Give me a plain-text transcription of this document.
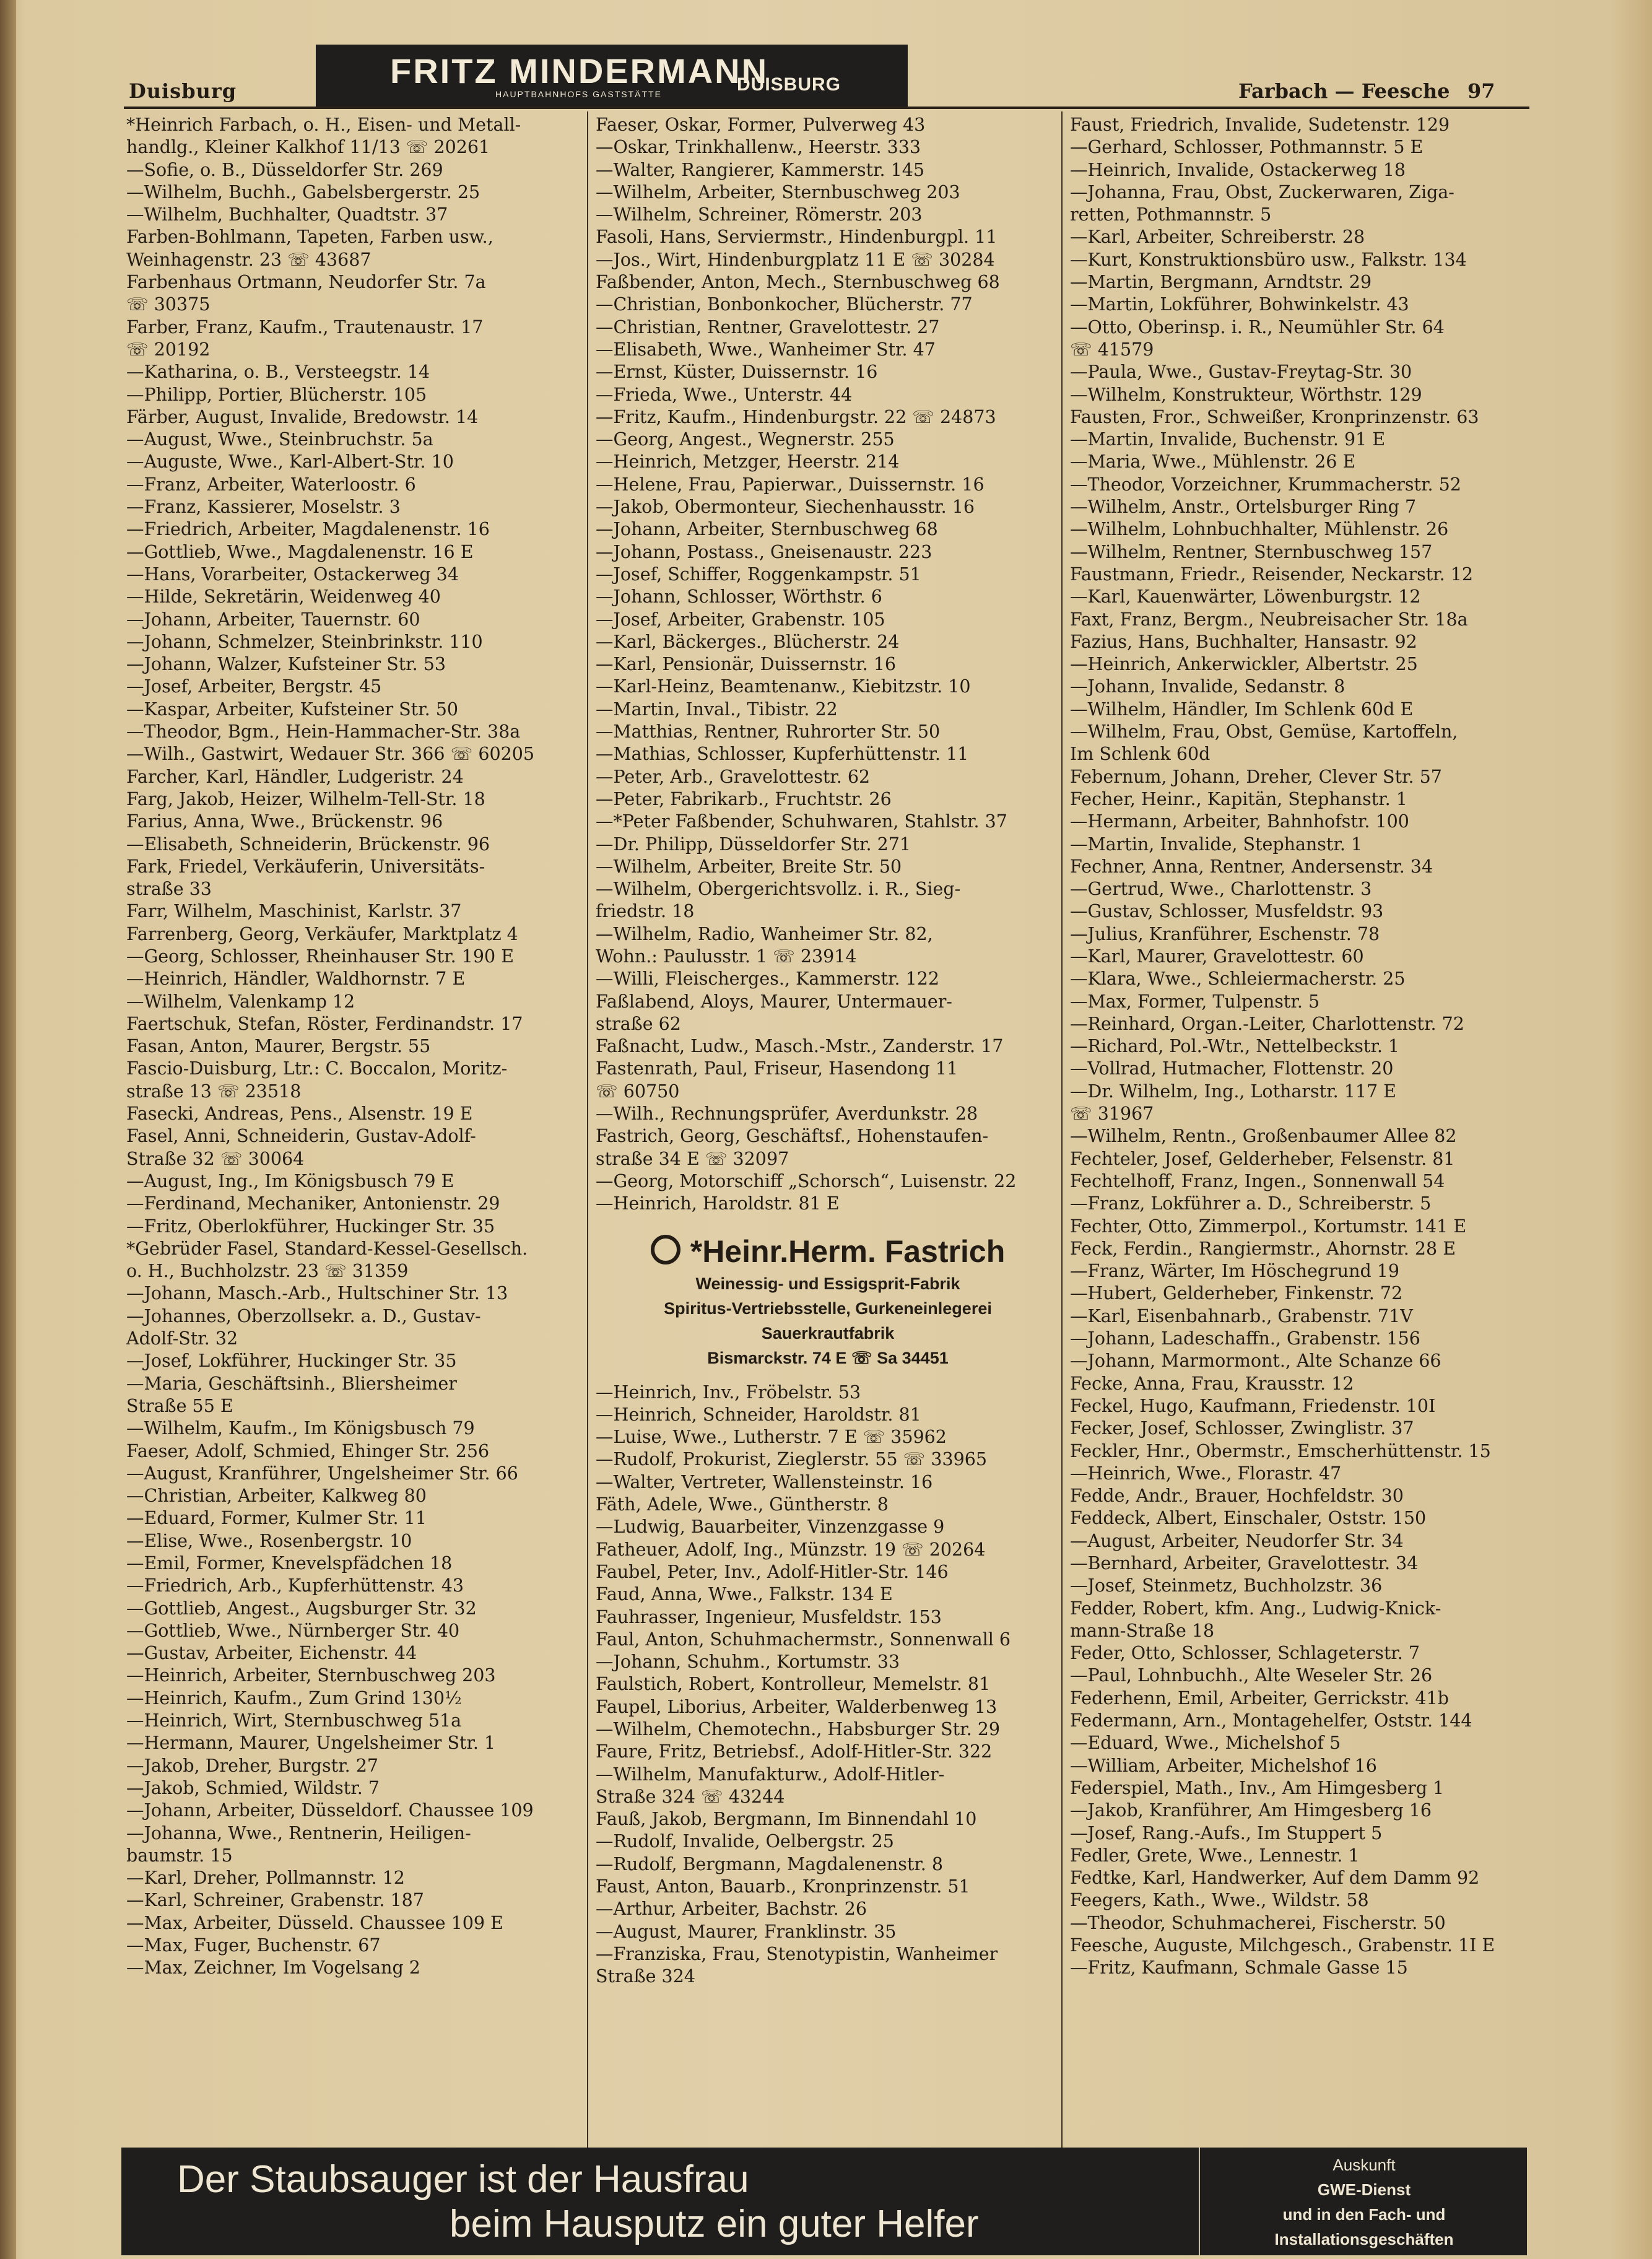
Duisburg
FRITZ MINDERMANN
HAUPTBAHNHOFS GASTSTÄTTE	DUISBURG	Farbach — Feesche 97

*Heinrich Farbach, o. H., Eisen- und Metall-

handlg., Kleiner Kalkhof 11/13 ☏ 20261

—Sofie, o. B., Düsseldorfer Str. 269

—Wilhelm, Buchh., Gabelsbergerstr. 25

—Wilhelm, Buchhalter, Quadtstr. 37

Farben-Bohlmann, Tapeten, Farben usw.,

Weinhagenstr. 23 ☏ 43687

Farbenhaus Ortmann, Neudorfer Str. 7a

☏ 30375

Farber, Franz, Kaufm., Trautenaustr. 17

☏ 20192

—Katharina, o. B., Versteegstr. 14

—Philipp, Portier, Blücherstr. 105

Färber, August, Invalide, Bredowstr. 14

—August, Wwe., Steinbruchstr. 5a

—Auguste, Wwe., Karl-Albert-Str. 10

—Franz, Arbeiter, Waterloostr. 6

—Franz, Kassierer, Moselstr. 3

—Friedrich, Arbeiter, Magdalenenstr. 16

—Gottlieb, Wwe., Magdalenenstr. 16 E

—Hans, Vorarbeiter, Ostackerweg 34

—Hilde, Sekretärin, Weidenweg 40

—Johann, Arbeiter, Tauernstr. 60

—Johann, Schmelzer, Steinbrinkstr. 110

—Johann, Walzer, Kufsteiner Str. 53

—Josef, Arbeiter, Bergstr. 45

—Kaspar, Arbeiter, Kufsteiner Str. 50

—Theodor, Bgm., Hein-Hammacher-Str. 38a

—Wilh., Gastwirt, Wedauer Str. 366 ☏ 60205

Farcher, Karl, Händler, Ludgeristr. 24

Farg, Jakob, Heizer, Wilhelm-Tell-Str. 18

Farius, Anna, Wwe., Brückenstr. 96

—Elisabeth, Schneiderin, Brückenstr. 96

Fark, Friedel, Verkäuferin, Universitäts-

straße 33

Farr, Wilhelm, Maschinist, Karlstr. 37

Farrenberg, Georg, Verkäufer, Marktplatz 4

—Georg, Schlosser, Rheinhauser Str. 190 E

—Heinrich, Händler, Waldhornstr. 7 E

—Wilhelm, Valenkamp 12

Faertschuk, Stefan, Röster, Ferdinandstr. 17

Fasan, Anton, Maurer, Bergstr. 55

Fascio-Duisburg, Ltr.: C. Boccalon, Moritz-

straße 13 ☏ 23518

Fasecki, Andreas, Pens., Alsenstr. 19 E

Fasel, Anni, Schneiderin, Gustav-Adolf-

Straße 32 ☏ 30064

—August, Ing., Im Königsbusch 79 E

—Ferdinand, Mechaniker, Antonienstr. 29

—Fritz, Oberlokführer, Huckinger Str. 35

*Gebrüder Fasel, Standard-Kessel-Gesellsch.

o. H., Buchholzstr. 23 ☏ 31359

—Johann, Masch.-Arb., Hultschiner Str. 13

—Johannes, Oberzollsekr. a. D., Gustav-

Adolf-Str. 32

—Josef, Lokführer, Huckinger Str. 35

—Maria, Geschäftsinh., Bliersheimer

Straße 55 E

—Wilhelm, Kaufm., Im Königsbusch 79

Faeser, Adolf, Schmied, Ehinger Str. 256

—August, Kranführer, Ungelsheimer Str. 66

—Christian, Arbeiter, Kalkweg 80

—Eduard, Former, Kulmer Str. 11

—Elise, Wwe., Rosenbergstr. 10

—Emil, Former, Knevelspfädchen 18

—Friedrich, Arb., Kupferhüttenstr. 43

—Gottlieb, Angest., Augsburger Str. 32

—Gottlieb, Wwe., Nürnberger Str. 40

—Gustav, Arbeiter, Eichenstr. 44

—Heinrich, Arbeiter, Sternbuschweg 203

—Heinrich, Kaufm., Zum Grind 130½

—Heinrich, Wirt, Sternbuschweg 51a

—Hermann, Maurer, Ungelsheimer Str. 1

—Jakob, Dreher, Burgstr. 27

—Jakob, Schmied, Wildstr. 7

—Johann, Arbeiter, Düsseldorf. Chaussee 109

—Johanna, Wwe., Rentnerin, Heiligen-

baumstr. 15

—Karl, Dreher, Pollmannstr. 12

—Karl, Schreiner, Grabenstr. 187

—Max, Arbeiter, Düsseld. Chaussee 109 E

—Max, Fuger, Buchenstr. 67

—Max, Zeichner, Im Vogelsang 2

Faeser, Oskar, Former, Pulverweg 43

—Oskar, Trinkhallenw., Heerstr. 333

—Walter, Rangierer, Kammerstr. 145

—Wilhelm, Arbeiter, Sternbuschweg 203

—Wilhelm, Schreiner, Römerstr. 203

Fasoli, Hans, Serviermstr., Hindenburgpl. 11

—Jos., Wirt, Hindenburgplatz 11 E ☏ 30284

Faßbender, Anton, Mech., Sternbuschweg 68

—Christian, Bonbonkocher, Blücherstr. 77

—Christian, Rentner, Gravelottestr. 27

—Elisabeth, Wwe., Wanheimer Str. 47

—Ernst, Küster, Duissernstr. 16

—Frieda, Wwe., Unterstr. 44

—Fritz, Kaufm., Hindenburgstr. 22 ☏ 24873

—Georg, Angest., Wegnerstr. 255

—Heinrich, Metzger, Heerstr. 214

—Helene, Frau, Papierwar., Duissernstr. 16

—Jakob, Obermonteur, Siechenhausstr. 16

—Johann, Arbeiter, Sternbuschweg 68

—Johann, Postass., Gneisenaustr. 223

—Josef, Schiffer, Roggenkampstr. 51

—Johann, Schlosser, Wörthstr. 6

—Josef, Arbeiter, Grabenstr. 105

—Karl, Bäckerges., Blücherstr. 24

—Karl, Pensionär, Duissernstr. 16

—Karl-Heinz, Beamtenanw., Kiebitzstr. 10

—Martin, Inval., Tibistr. 22

—Matthias, Rentner, Ruhrorter Str. 50

—Mathias, Schlosser, Kupferhüttenstr. 11

—Peter, Arb., Gravelottestr. 62

—Peter, Fabrikarb., Fruchtstr. 26

—*Peter Faßbender, Schuhwaren, Stahlstr. 37

—Dr. Philipp, Düsseldorfer Str. 271

—Wilhelm, Arbeiter, Breite Str. 50

—Wilhelm, Obergerichtsvollz. i. R., Sieg-

friedstr. 18

—Wilhelm, Radio, Wanheimer Str. 82,

Wohn.: Paulusstr. 1 ☏ 23914

—Willi, Fleischerges., Kammerstr. 122

Faßlabend, Aloys, Maurer, Untermauer-

straße 62

Faßnacht, Ludw., Masch.-Mstr., Zanderstr. 17

Fastenrath, Paul, Friseur, Hasendong 11

☏ 60750

—Wilh., Rechnungsprüfer, Averdunkstr. 28

Fastrich, Georg, Geschäftsf., Hohenstaufen-

straße 34 E ☏ 32097

—Georg, Motorschiff „Schorsch“, Luisenstr. 22

—Heinrich, Haroldstr. 81 E

*Heinr.Herm. Fastrich
Weinessig- und Essigsprit-Fabrik
Spiritus-Vertriebsstelle, Gurkeneinlegerei
Sauerkrautfabrik
Bismarckstr. 74 E ☏ Sa 34451

—Heinrich, Inv., Fröbelstr. 53

—Heinrich, Schneider, Haroldstr. 81

—Luise, Wwe., Lutherstr. 7 E ☏ 35962

—Rudolf, Prokurist, Zieglerstr. 55 ☏ 33965

—Walter, Vertreter, Wallensteinstr. 16

Fäth, Adele, Wwe., Güntherstr. 8

—Ludwig, Bauarbeiter, Vinzenzgasse 9

Fatheuer, Adolf, Ing., Münzstr. 19 ☏ 20264

Faubel, Peter, Inv., Adolf-Hitler-Str. 146

Faud, Anna, Wwe., Falkstr. 134 E

Fauhrasser, Ingenieur, Musfeldstr. 153

Faul, Anton, Schuhmachermstr., Sonnenwall 6

—Johann, Schuhm., Kortumstr. 33

Faulstich, Robert, Kontrolleur, Memelstr. 81

Faupel, Liborius, Arbeiter, Walderbenweg 13

—Wilhelm, Chemotechn., Habsburger Str. 29

Faure, Fritz, Betriebsf., Adolf-Hitler-Str. 322

—Wilhelm, Manufakturw., Adolf-Hitler-

Straße 324 ☏ 43244

Fauß, Jakob, Bergmann, Im Binnendahl 10

—Rudolf, Invalide, Oelbergstr. 25

—Rudolf, Bergmann, Magdalenenstr. 8

Faust, Anton, Bauarb., Kronprinzenstr. 51

—Arthur, Arbeiter, Bachstr. 26

—August, Maurer, Franklinstr. 35

—Franziska, Frau, Stenotypistin, Wanheimer

Straße 324

Faust, Friedrich, Invalide, Sudetenstr. 129

—Gerhard, Schlosser, Pothmannstr. 5 E

—Heinrich, Invalide, Ostackerweg 18

—Johanna, Frau, Obst, Zuckerwaren, Ziga-

retten, Pothmannstr. 5

—Karl, Arbeiter, Schreiberstr. 28

—Kurt, Konstruktionsbüro usw., Falkstr. 134

—Martin, Bergmann, Arndtstr. 29

—Martin, Lokführer, Bohwinkelstr. 43

—Otto, Oberinsp. i. R., Neumühler Str. 64

☏ 41579

—Paula, Wwe., Gustav-Freytag-Str. 30

—Wilhelm, Konstrukteur, Wörthstr. 129

Fausten, Fror., Schweißer, Kronprinzenstr. 63

—Martin, Invalide, Buchenstr. 91 E

—Maria, Wwe., Mühlenstr. 26 E

—Theodor, Vorzeichner, Krummacherstr. 52

—Wilhelm, Anstr., Ortelsburger Ring 7

—Wilhelm, Lohnbuchhalter, Mühlenstr. 26

—Wilhelm, Rentner, Sternbuschweg 157

Faustmann, Friedr., Reisender, Neckarstr. 12

—Karl, Kauenwärter, Löwenburgstr. 12

Faxt, Franz, Bergm., Neubreisacher Str. 18a

Fazius, Hans, Buchhalter, Hansastr. 92

—Heinrich, Ankerwickler, Albertstr. 25

—Johann, Invalide, Sedanstr. 8

—Wilhelm, Händler, Im Schlenk 60d E

—Wilhelm, Frau, Obst, Gemüse, Kartoffeln,

Im Schlenk 60d

Febernum, Johann, Dreher, Clever Str. 57

Fecher, Heinr., Kapitän, Stephanstr. 1

—Hermann, Arbeiter, Bahnhofstr. 100

—Martin, Invalide, Stephanstr. 1

Fechner, Anna, Rentner, Andersenstr. 34

—Gertrud, Wwe., Charlottenstr. 3

—Gustav, Schlosser, Musfeldstr. 93

—Julius, Kranführer, Eschenstr. 78

—Karl, Maurer, Gravelottestr. 60

—Klara, Wwe., Schleiermacherstr. 25

—Max, Former, Tulpenstr. 5

—Reinhard, Organ.-Leiter, Charlottenstr. 72

—Richard, Pol.-Wtr., Nettelbeckstr. 1

—Vollrad, Hutmacher, Flottenstr. 20

—Dr. Wilhelm, Ing., Lotharstr. 117 E

☏ 31967

—Wilhelm, Rentn., Großenbaumer Allee 82

Fechteler, Josef, Gelderheber, Felsenstr. 81

Fechtelhoff, Franz, Ingen., Sonnenwall 54

—Franz, Lokführer a. D., Schreiberstr. 5

Fechter, Otto, Zimmerpol., Kortumstr. 141 E

Feck, Ferdin., Rangiermstr., Ahornstr. 28 E

—Franz, Wärter, Im Höschegrund 19

—Hubert, Gelderheber, Finkenstr. 72

—Karl, Eisenbahnarb., Grabenstr. 71V

—Johann, Ladeschaffn., Grabenstr. 156

—Johann, Marmormont., Alte Schanze 66

Fecke, Anna, Frau, Krausstr. 12

Feckel, Hugo, Kaufmann, Friedenstr. 10I

Fecker, Josef, Schlosser, Zwinglistr. 37

Feckler, Hnr., Obermstr., Emscherhüttenstr. 15

—Heinrich, Wwe., Florastr. 47

Fedde, Andr., Brauer, Hochfeldstr. 30

Feddeck, Albert, Einschaler, Oststr. 150

—August, Arbeiter, Neudorfer Str. 34

—Bernhard, Arbeiter, Gravelottestr. 34

—Josef, Steinmetz, Buchholzstr. 36

Fedder, Robert, kfm. Ang., Ludwig-Knick-

mann-Straße 18

Feder, Otto, Schlosser, Schlageterstr. 7

—Paul, Lohnbuchh., Alte Weseler Str. 26

Federhenn, Emil, Arbeiter, Gerrickstr. 41b

Federmann, Arn., Montagehelfer, Oststr. 144

—Eduard, Wwe., Michelshof 5

—William, Arbeiter, Michelshof 16

Federspiel, Math., Inv., Am Himgesberg 1

—Jakob, Kranführer, Am Himgesberg 16

—Josef, Rang.-Aufs., Im Stuppert 5

Fedler, Grete, Wwe., Lennestr. 1

Fedtke, Karl, Handwerker, Auf dem Damm 92

Feegers, Kath., Wwe., Wildstr. 58

—Theodor, Schuhmacherei, Fischerstr. 50

Feesche, Auguste, Milchgesch., Grabenstr. 1I E

—Fritz, Kaufmann, Schmale Gasse 15

Der Staubsauger ist der Hausfrau
beim Hausputz ein guter Helfer
Auskunft
GWE-Dienst
und in den Fach- und
Installationsgeschäften
